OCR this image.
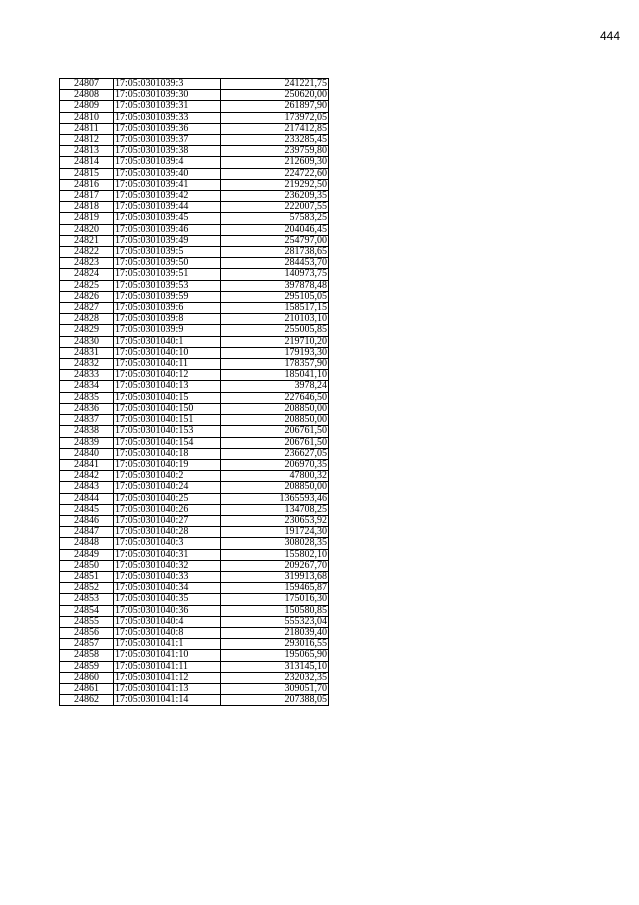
444
24807	17:05:0301039:3	241221,75
24808	17:05:0301039:30	250620,00
24809	17:05:0301039:31	261897,90
24810	17:05:0301039:33	173972,05
24811	17:05:0301039:36	217412,85
24812	17:05:0301039:37	233285,45
24813	17:05:0301039:38	239759,80
24814	17:05:0301039:4	212609,30
24815	17:05:0301039:40	224722,60
24816	17:05:0301039:41	219292,50
24817	17:05:0301039:42	236209,35
24818	17:05:0301039:44	222007,55
24819	17:05:0301039:45	57583,25
24820	17:05:0301039:46	204046,45
24821	17:05:0301039:49	254797,00
24822	17:05:0301039:5	281738,65
24823	17:05:0301039:50	284453,70
24824	17:05:0301039:51	140973,75
24825	17:05:0301039:53	397878,48
24826	17:05:0301039:59	295105,05
24827	17:05:0301039:6	158517,15
24828	17:05:0301039:8	210103,10
24829	17:05:0301039:9	255005,85
24830	17:05:0301040:1	219710,20
24831	17:05:0301040:10	179193,30
24832	17:05:0301040:11	178357,90
24833	17:05:0301040:12	185041,10
24834	17:05:0301040:13	3978,24
24835	17:05:0301040:15	227646,50
24836	17:05:0301040:150	208850,00
24837	17:05:0301040:151	208850,00
24838	17:05:0301040:153	206761,50
24839	17:05:0301040:154	206761,50
24840	17:05:0301040:18	236627,05
24841	17:05:0301040:19	206970,35
24842	17:05:0301040:2	47800,32
24843	17:05:0301040:24	208850,00
24844	17:05:0301040:25	1365593,46
24845	17:05:0301040:26	134708,25
24846	17:05:0301040:27	230653,92
24847	17:05:0301040:28	191724,30
24848	17:05:0301040:3	308028,35
24849	17:05:0301040:31	155802,10
24850	17:05:0301040:32	209267,70
24851	17:05:0301040:33	319913,68
24852	17:05:0301040:34	159465,87
24853	17:05:0301040:35	175016,30
24854	17:05:0301040:36	150580,85
24855	17:05:0301040:4	555323,04
24856	17:05:0301040:8	218039,40
24857	17:05:0301041:1	293016,55
24858	17:05:0301041:10	195065,90
24859	17:05:0301041:11	313145,10
24860	17:05:0301041:12	232032,35
24861	17:05:0301041:13	309051,70
24862	17:05:0301041:14	207388,05
